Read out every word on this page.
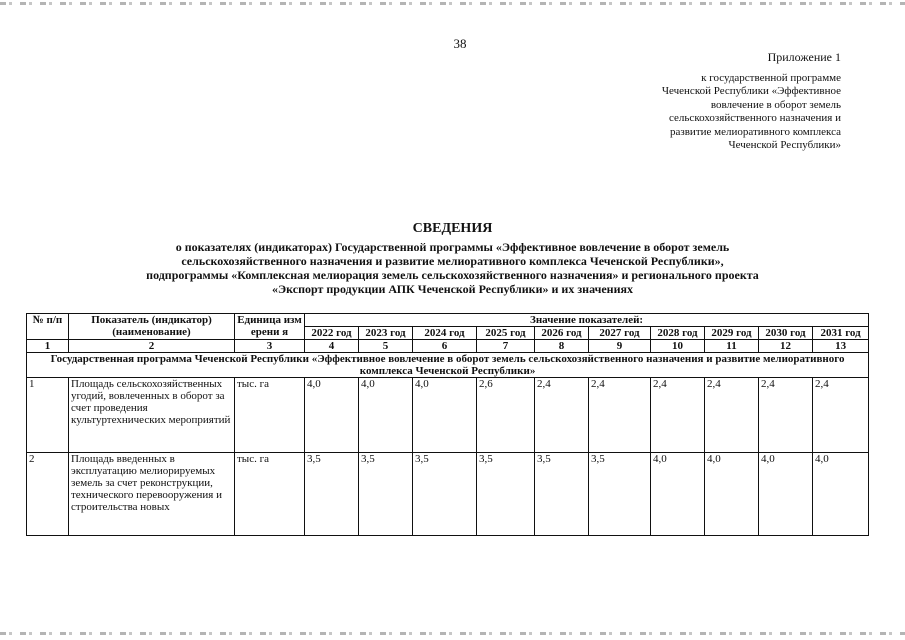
38
Приложение 1
к государственной программе
Чеченской Республики «Эффективное
вовлечение в оборот земель
сельскохозяйственного назначения и
развитие мелиоративного комплекса
Чеченской Республики»
СВЕДЕНИЯ
о показателях (индикаторах) Государственной программы «Эффективное вовлечение в оборот земель
сельскохозяйственного назначения и развитие мелиоративного комплекса Чеченской Республики»,
подпрограммы «Комплексная мелиорация земель сельскохозяйственного назначения» и регионального проекта
«Экспорт продукции АПК Чеченской Республики» и их значениях
№ п/п	Показатель (индикатор) (наименование)	Единица измерени я	Значение показателей:									
			2022 год	2023 год	2024 год	2025 год	2026 год	2027 год	2028 год	2029 год	2030 год	2031 год
1	2	3	4	5	6	7	8	9	10	11	12	13
Государственная программа Чеченской Республики «Эффективное вовлечение в оборот земель сельскохозяйственного назначения и развитие мелиоративного комплекса Чеченской Республики»												
1	Площадь сельскохозяйственных угодий, вовлеченных в оборот за счет проведения культуртехнических мероприятий	тыс. га	4,0	4,0	4,0	2,6	2,4	2,4	2,4	2,4	2,4	2,4
2	Площадь введенных в эксплуатацию мелиорируемых земель за счет реконструкции, технического перевооружения и строительства новых	тыс. га	3,5	3,5	3,5	3,5	3,5	3,5	4,0	4,0	4,0	4,0
